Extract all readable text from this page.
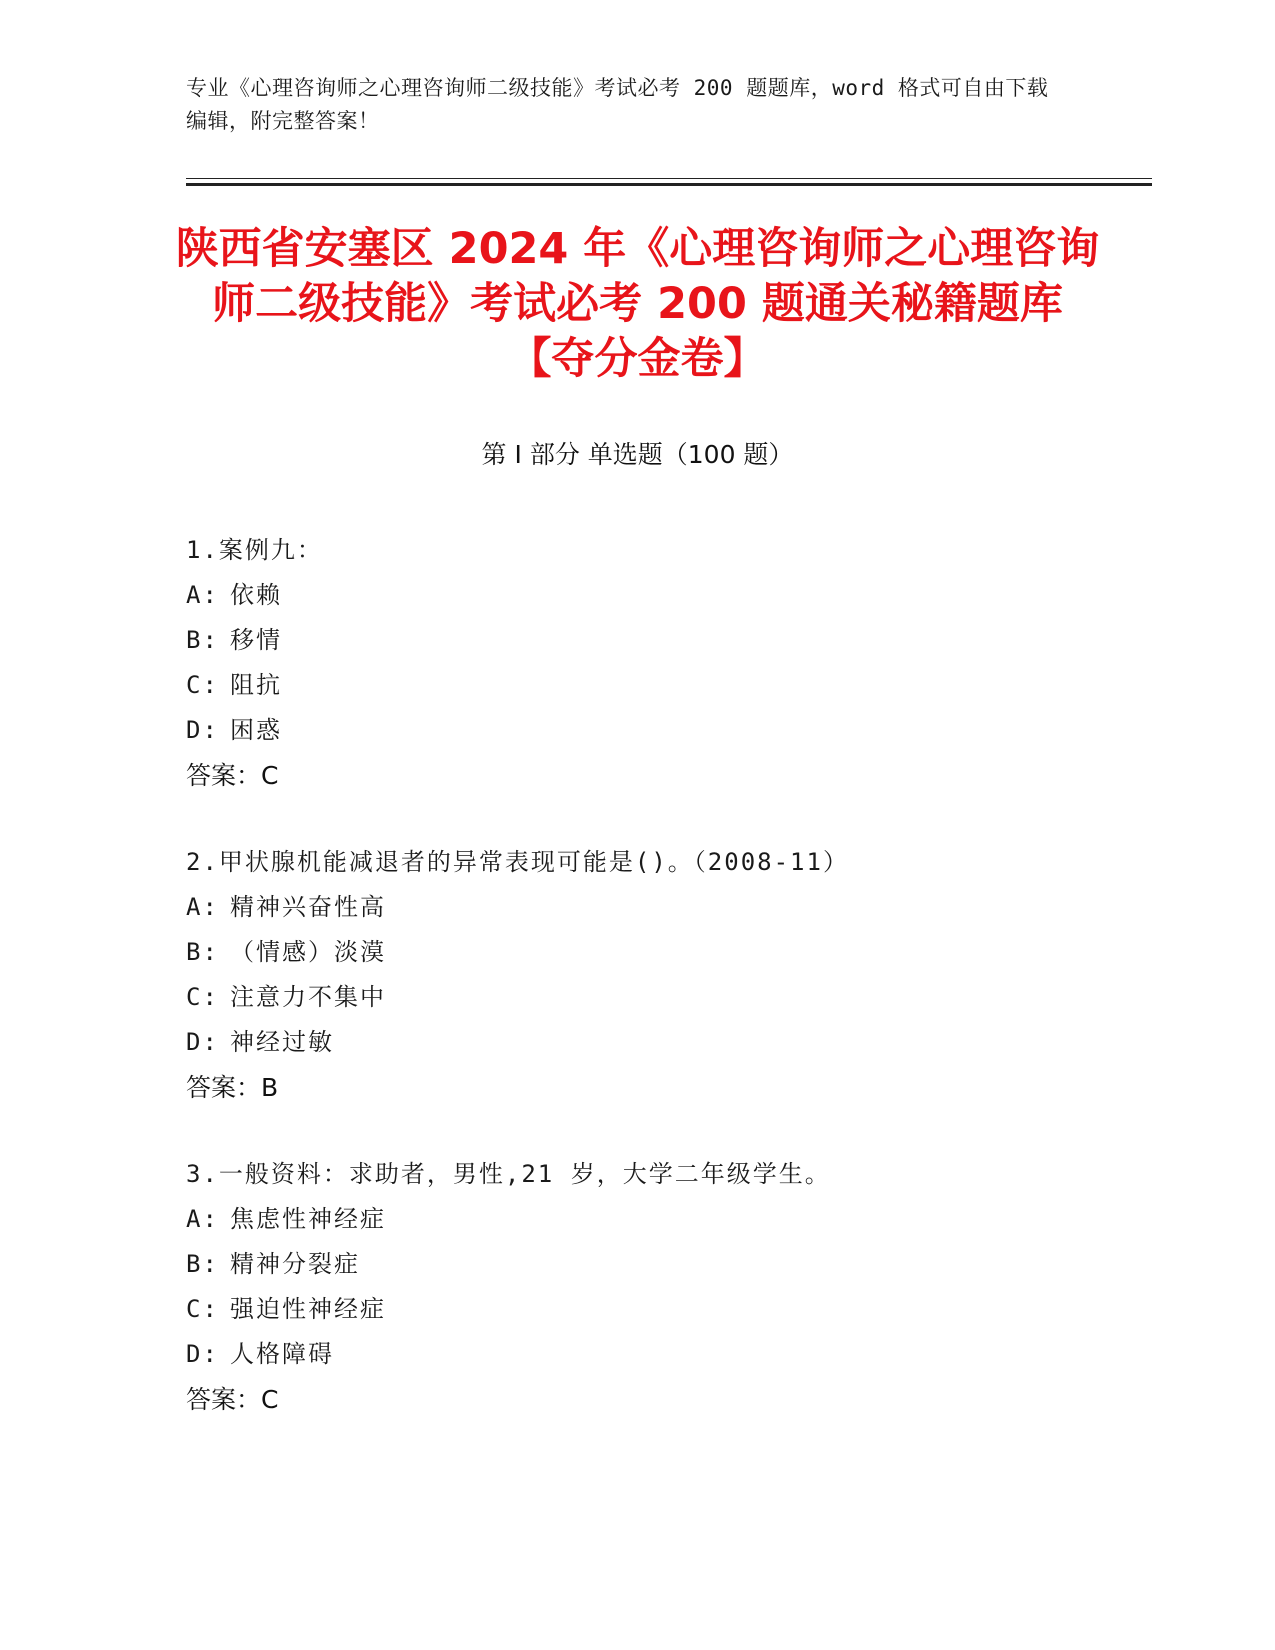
专业《心理咨询师之心理咨询师二级技能》考试必考 200 题题库，word 格式可自由下载编辑，附完整答案！
陕西省安塞区 2024 年《心理咨询师之心理咨询师二级技能》考试必考 200 题通关秘籍题库【夺分金卷】
第 I 部分 单选题（100 题）
1.案例九：
A: 依赖
B: 移情
C: 阻抗
D: 困惑
答案：C
2.甲状腺机能减退者的异常表现可能是()。（2008-11）
A: 精神兴奋性高
B: （情感）淡漠
C: 注意力不集中
D: 神经过敏
答案：B
3.一般资料：求助者，男性,21 岁，大学二年级学生。
A: 焦虑性神经症
B: 精神分裂症
C: 强迫性神经症
D: 人格障碍
答案：C
